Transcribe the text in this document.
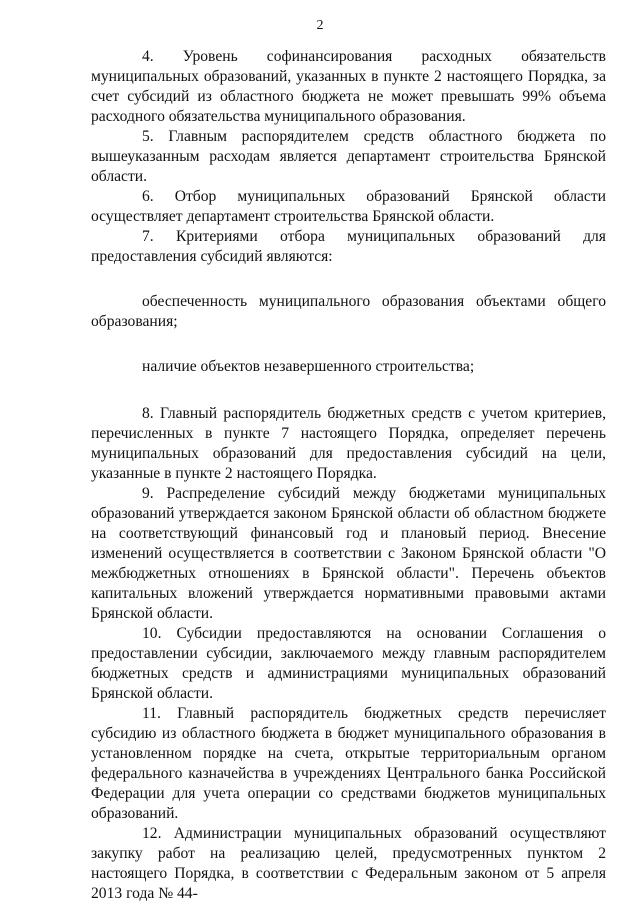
2

4. Уровень софинансирования расходных обязательств муниципальных образований, указанных в пункте 2 настоящего Порядка, за счет субсидий из областного бюджета не может превышать 99% объема расходного обязательства муниципального образования.

5. Главным распорядителем средств областного бюджета по вышеуказанным расходам является департамент строительства Брянской области.

6. Отбор муниципальных образований Брянской области осуществляет департамент строительства Брянской области.

7. Критериями отбора муниципальных образований для предоставления субсидий являются:

обеспеченность муниципального образования объектами общего образования;

наличие объектов незавершенного строительства;

8. Главный распорядитель бюджетных средств с учетом критериев, перечисленных в пункте 7 настоящего Порядка, определяет перечень муниципальных образований для предоставления субсидий на цели, указанные в пункте 2 настоящего Порядка.

9. Распределение субсидий между бюджетами муниципальных образований утверждается законом Брянской области об областном бюджете на соответствующий финансовый год и плановый период. Внесение изменений осуществляется в соответствии с Законом Брянской области "О межбюджетных отношениях в Брянской области". Перечень объектов капитальных вложений утверждается нормативными правовыми актами Брянской области.

10. Субсидии предоставляются на основании Соглашения о предоставлении субсидии, заключаемого между главным распорядителем бюджетных средств и администрациями муниципальных образований Брянской области.

11. Главный распорядитель бюджетных средств перечисляет субсидию из областного бюджета в бюджет муниципального образования в установленном порядке на счета, открытые территориальным органом федерального казначейства в учреждениях Центрального банка Российской Федерации для учета операции со средствами бюджетов муниципальных образований.

12. Администрации муниципальных образований осуществляют закупку работ на реализацию целей, предусмотренных пунктом 2 настоящего Порядка, в соответствии с Федеральным законом от 5 апреля 2013 года № 44-
